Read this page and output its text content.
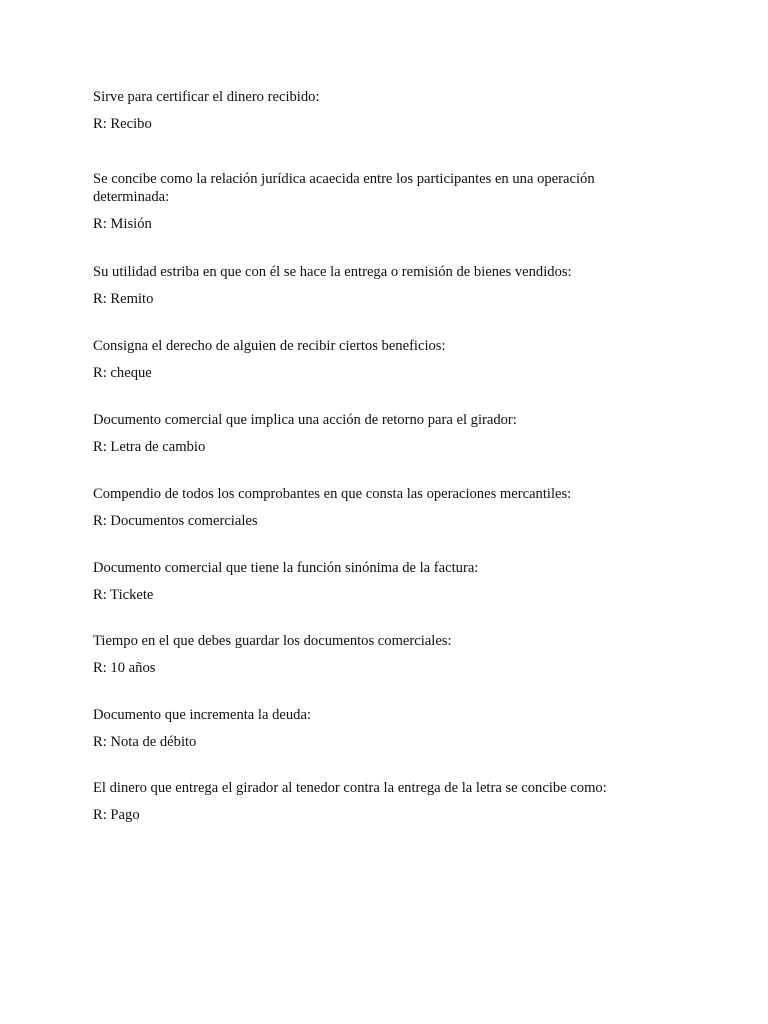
Sirve para certificar el dinero recibido:
R: Recibo
Se concibe como la relación jurídica acaecida entre los participantes en una operación determinada:
R: Misión
Su utilidad estriba en que con él se hace la entrega o remisión de bienes vendidos:
R: Remito
Consigna el derecho de alguien de recibir ciertos beneficios:
R: cheque
Documento comercial que implica una acción de retorno para el girador:
R: Letra de cambio
Compendio de todos los comprobantes en que consta las operaciones mercantiles:
R: Documentos comerciales
Documento comercial que tiene la función sinónima de la factura:
R: Tickete
Tiempo en el que debes guardar los documentos comerciales:
R: 10 años
Documento que incrementa la deuda:
R: Nota de débito
El dinero que entrega el girador al tenedor contra la entrega de la letra se concibe como:
R: Pago
